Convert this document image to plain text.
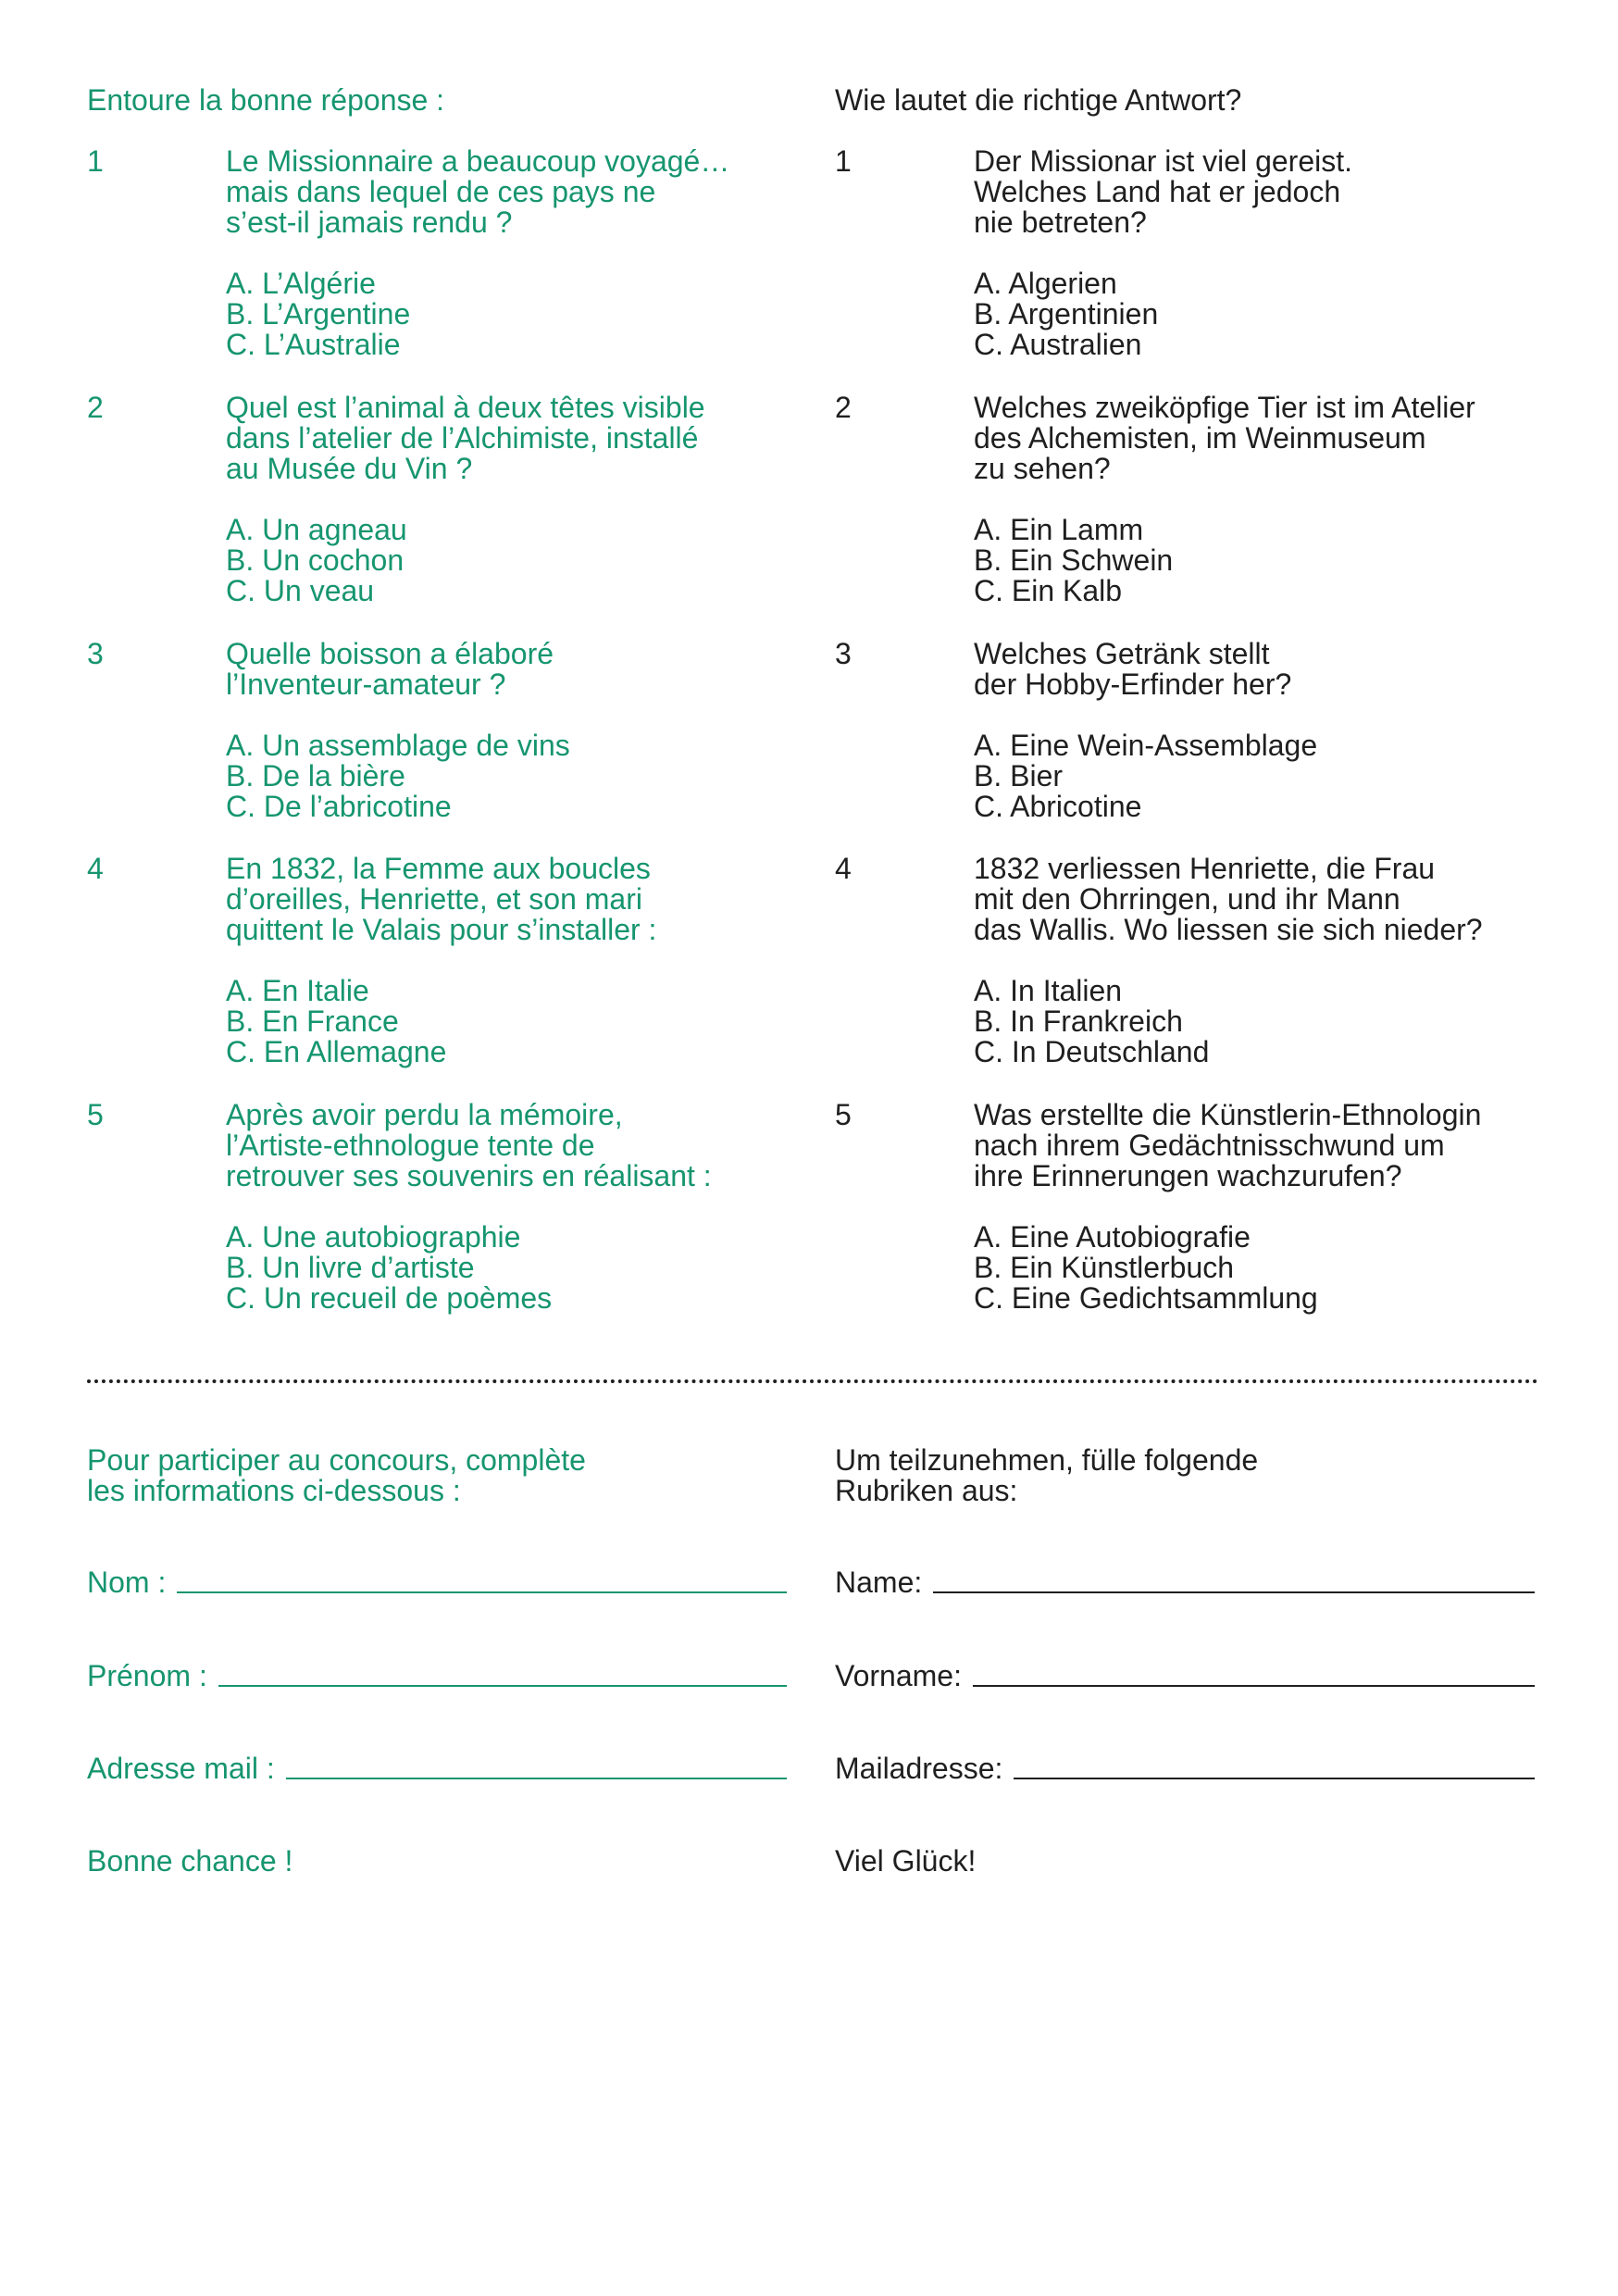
Entoure la bonne réponse :
1	Le Missionnaire a beaucoup voyagé…
mais dans lequel de ces pays ne
s’est-il jamais rendu ?
A. L’Algérie
B. L’Argentine
C. L’Australie
2	Quel est l’animal à deux têtes visible
dans l’atelier de l’Alchimiste, installé
au Musée du Vin ?
A. Un agneau
B. Un cochon
C. Un veau
3	Quelle boisson a élaboré
l’Inventeur-amateur ?
A. Un assemblage de vins
B. De la bière
C. De l’abricotine
4	En 1832, la Femme aux boucles
d’oreilles, Henriette, et son mari
quittent le Valais pour s’installer :
A. En Italie
B. En France
C. En Allemagne
5	Après avoir perdu la mémoire,
l’Artiste-ethnologue tente de
retrouver ses souvenirs en réalisant :
A. Une autobiographie
B. Un livre d’artiste
C. Un recueil de poèmes
Pour participer au concours, complète
les informations ci-dessous :
Nom :
Prénom :
Adresse mail :
Bonne chance !
Wie lautet die richtige Antwort?
1	Der Missionar ist viel gereist.
Welches Land hat er jedoch
nie betreten?
A. Algerien
B. Argentinien
C. Australien
2	Welches zweiköpfige Tier ist im Atelier
des Alchemisten, im Weinmuseum
zu sehen?
A. Ein Lamm
B. Ein Schwein
C. Ein Kalb
3	Welches Getränk stellt
der Hobby-Erfinder her?
A. Eine Wein-Assemblage
B. Bier
C. Abricotine
4	1832 verliessen Henriette, die Frau
mit den Ohrringen, und ihr Mann
das Wallis. Wo liessen sie sich nieder?
A. In Italien
B. In Frankreich
C. In Deutschland
5	Was erstellte die Künstlerin-Ethnologin
nach ihrem Gedächtnisschwund um
ihre Erinnerungen wachzurufen?
A. Eine Autobiografie
B. Ein Künstlerbuch
C. Eine Gedichtsammlung
Um teilzunehmen, fülle folgende
Rubriken aus:
Name:
Vorname:
Mailadresse:
Viel Glück!
